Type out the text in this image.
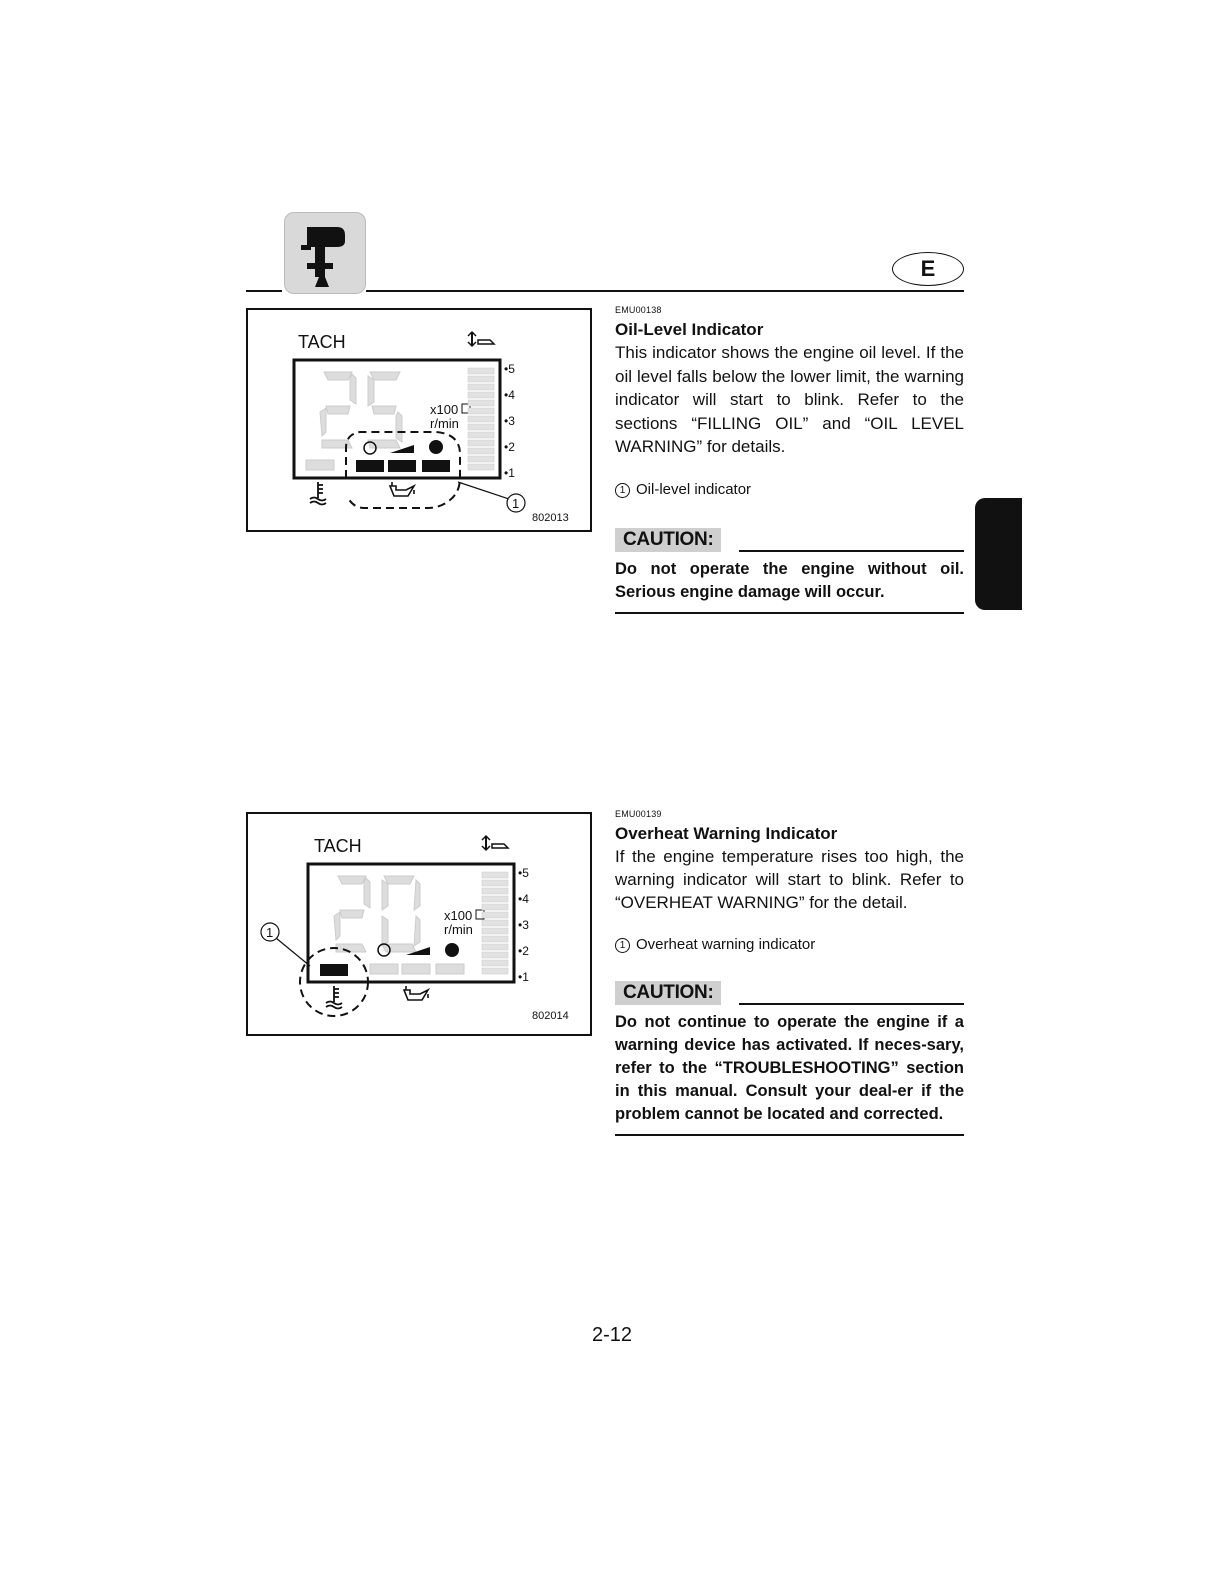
E
TACH
25
x100
r/min
•5
•4
•3
•2
•1
1
802013
TACH
20
x100
r/min
•5
•4
•3
•2
•1
1
802014
EMU00138
Oil-Level Indicator

This indicator shows the engine oil level. If the oil level falls below the lower limit, the warning indicator will start to blink. Refer to the sections “FILLING OIL” and “OIL LEVEL WARNING” for details.

1 Oil-level indicator
CAUTION:
Do not operate the engine without oil. Serious engine damage will occur.
EMU00139
Overheat Warning Indicator

If the engine temperature rises too high, the warning indicator will start to blink. Refer to “OVERHEAT WARNING” for the detail.

1 Overheat warning indicator
CAUTION:
Do not continue to operate the engine if a warning device has activated. If neces-sary, refer to the “TROUBLESHOOTING” section in this manual. Consult your deal-er if the problem cannot be located and corrected.
2-12
